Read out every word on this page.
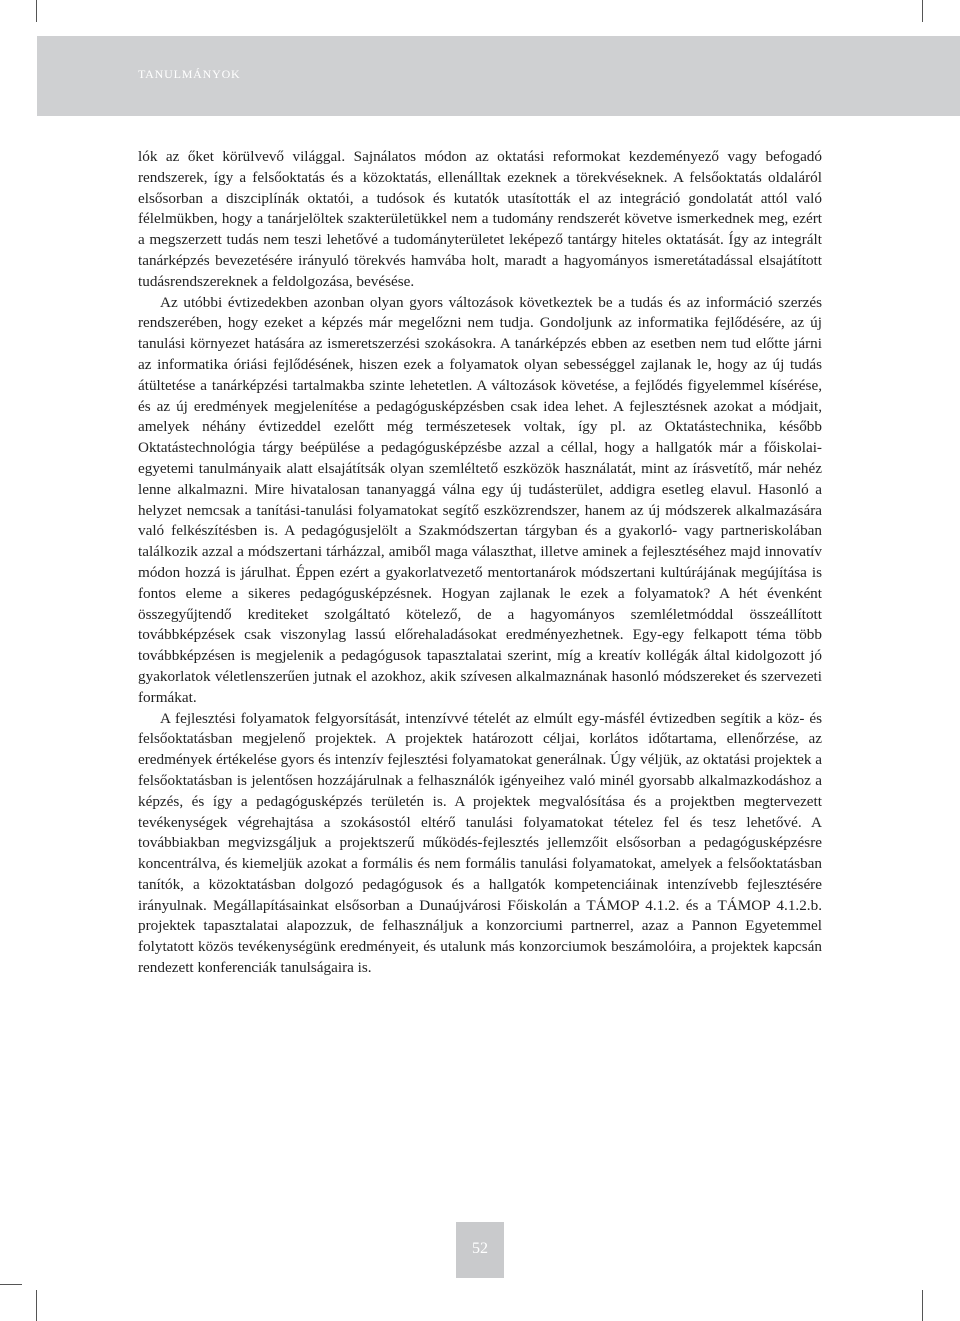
TANULMÁNYOK

lók az őket körülvevő világgal. Sajnálatos módon az oktatási reformokat kezdeményező vagy befogadó rendszerek, így a felsőoktatás és a közoktatás, ellenálltak ezeknek a törekvéseknek. A felsőoktatás oldaláról elsősorban a diszciplínák oktatói, a tudósok és kutatók utasították el az integráció gondolatát attól való félelmükben, hogy a tanárjelöltek szakterületükkel nem a tudomány rendszerét követve ismerkednek meg, ezért a megszerzett tudás nem teszi lehetővé a tudományterületet leképező tantárgy hiteles oktatását. Így az integrált tanárképzés bevezetésére irányuló törekvés hamvába holt, maradt a hagyományos ismeretátadással elsajátított tudásrendszereknek a feldolgozása, bevésése.

Az utóbbi évtizedekben azonban olyan gyors változások következtek be a tudás és az információ szerzés rendszerében, hogy ezeket a képzés már megelőzni nem tudja. Gondoljunk az informatika fejlődésére, az új tanulási környezet hatására az ismeretszerzési szokásokra. A tanárképzés ebben az esetben nem tud előtte járni az informatika óriási fejlődésének, hiszen ezek a folyamatok olyan sebességgel zajlanak le, hogy az új tudás átültetése a tanárképzési tartalmakba szinte lehetetlen. A változások követése, a fejlődés figyelemmel kísérése, és az új eredmények megjelenítése a pedagógusképzésben csak idea lehet. A fejlesztésnek azokat a módjait, amelyek néhány évtizeddel ezelőtt még természetesek voltak, így pl. az Oktatástechnika, később Oktatástechnológia tárgy beépülése a pedagógusképzésbe azzal a céllal, hogy a hallgatók már a főiskolai-egyetemi tanulmányaik alatt elsajátítsák olyan szemléltető eszközök használatát, mint az írásvetítő, már nehéz lenne alkalmazni. Mire hivatalosan tananyaggá válna egy új tudásterület, addigra esetleg elavul. Hasonló a helyzet nemcsak a tanítási-tanulási folyamatokat segítő eszközrendszer, hanem az új módszerek alkalmazására való felkészítésben is. A pedagógusjelölt a Szakmódszertan tárgyban és a gyakorló- vagy partneriskolában találkozik azzal a módszertani tárházzal, amiből maga választhat, illetve aminek a fejlesztéséhez majd innovatív módon hozzá is járulhat. Éppen ezért a gyakorlatvezető mentortanárok módszertani kultúrájának megújítása is fontos eleme a sikeres pedagógusképzésnek. Hogyan zajlanak le ezek a folyamatok? A hét évenként összegyűjtendő krediteket szolgáltató kötelező, de a hagyományos szemléletmóddal összeállított továbbképzések csak viszonylag lassú előrehaladásokat eredményezhetnek. Egy-egy felkapott téma több továbbképzésen is megjelenik a pedagógusok tapasztalatai szerint, míg a kreatív kollégák által kidolgozott jó gyakorlatok véletlenszerűen jutnak el azokhoz, akik szívesen alkalmaznának hasonló módszereket és szervezeti formákat.

A fejlesztési folyamatok felgyorsítását, intenzívvé tételét az elmúlt egy-másfél évtizedben segítik a köz- és felsőoktatásban megjelenő projektek. A projektek határozott céljai, korlátos időtartama, ellenőrzése, az eredmények értékelése gyors és intenzív fejlesztési folyamatokat generálnak. Úgy véljük, az oktatási projektek a felsőoktatásban is jelentősen hozzájárulnak a felhasználók igényeihez való minél gyorsabb alkalmazkodáshoz a képzés, és így a pedagógusképzés területén is. A projektek megvalósítása és a projektben megtervezett tevékenységek végrehajtása a szokásostól eltérő tanulási folyamatokat tételez fel és tesz lehetővé. A továbbiakban megvizsgáljuk a projektszerű működés-fejlesztés jellemzőit elsősorban a pedagógusképzésre koncentrálva, és kiemeljük azokat a formális és nem formális tanulási folyamatokat, amelyek a felsőoktatásban tanítók, a közoktatásban dolgozó pedagógusok és a hallgatók kompetenciáinak intenzívebb fejlesztésére irányulnak. Megállapításainkat elsősorban a Dunaújvárosi Főiskolán a TÁMOP 4.1.2. és a TÁMOP 4.1.2.b. projektek tapasztalatai alapozzuk, de felhasználjuk a konzorciumi partnerrel, azaz a Pannon Egyetemmel folytatott közös tevékenységünk eredményeit, és utalunk más konzorciumok beszámolóira, a projektek kapcsán rendezett konferenciák tanulságaira is.

52
